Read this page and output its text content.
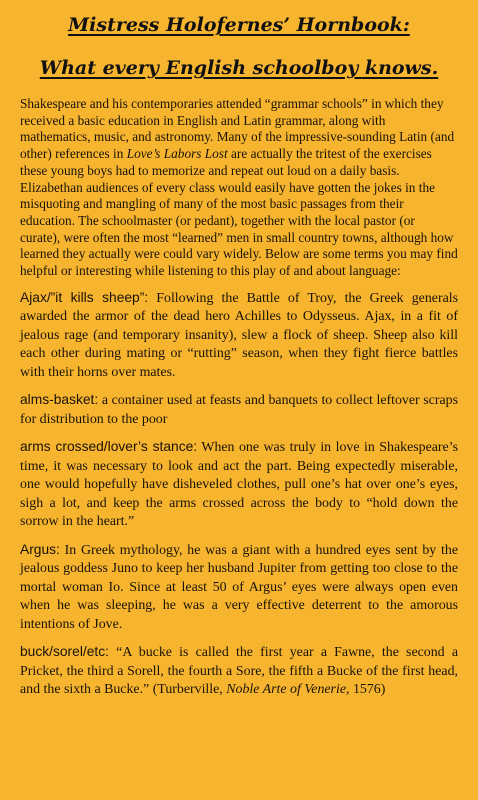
Mistress Holofernes’ Hornbook:
What every English schoolboy knows.

Shakespeare and his contemporaries attended “grammar schools” in which they received a basic education in English and Latin grammar, along with mathematics, music, and astronomy. Many of the impressive-sounding Latin (and other) references in Love’s Labors Lost are actually the tritest of the exercises these young boys had to memorize and repeat out loud on a daily basis. Elizabethan audiences of every class would easily have gotten the jokes in the misquoting and mangling of many of the most basic passages from their education. The schoolmaster (or pedant), together with the local pastor (or curate), were often the most “learned” men in small country towns, although how learned they actually were could vary widely. Below are some terms you may find helpful or interesting while listening to this play of and about language:

Ajax/”it kills sheep”: Following the Battle of Troy, the Greek generals awarded the armor of the dead hero Achilles to Odysseus. Ajax, in a fit of jealous rage (and temporary insanity), slew a flock of sheep. Sheep also kill each other during mating or “rutting” season, when they fight fierce battles with their horns over mates.

alms-basket: a container used at feasts and banquets to collect leftover scraps for distribution to the poor

arms crossed/lover’s stance: When one was truly in love in Shakespeare’s time, it was necessary to look and act the part. Being expectedly miserable, one would hopefully have disheveled clothes, pull one’s hat over one’s eyes, sigh a lot, and keep the arms crossed across the body to “hold down the sorrow in the heart.”

Argus: In Greek mythology, he was a giant with a hundred eyes sent by the jealous goddess Juno to keep her husband Jupiter from getting too close to the mortal woman Io. Since at least 50 of Argus’ eyes were always open even when he was sleeping, he was a very effective deterrent to the amorous intentions of Jove.

buck/sorel/etc: “A bucke is called the first year a Fawne, the second a Pricket, the third a Sorell, the fourth a Sore, the fifth a Bucke of the first head, and the sixth a Bucke.” (Turberville, Noble Arte of Venerie, 1576)
